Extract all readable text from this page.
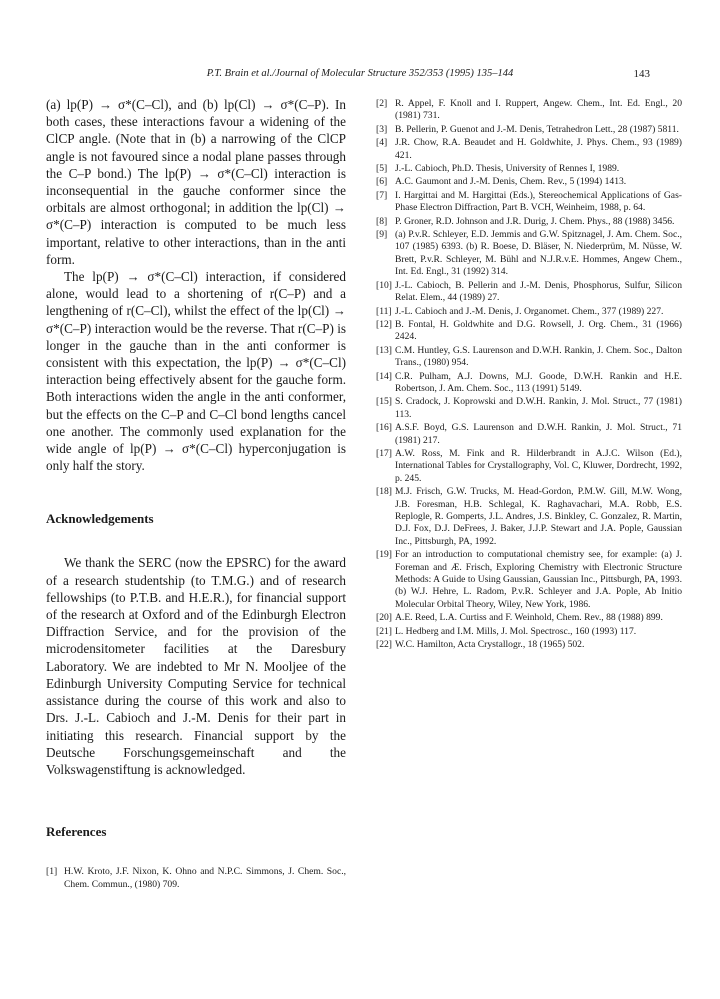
P.T. Brain et al./Journal of Molecular Structure 352/353 (1995) 135–144	143

(a) lp(P) → σ*(C–Cl), and (b) lp(Cl) → σ*(C–P). In both cases, these interactions favour a widening of the ClCP angle. (Note that in (b) a narrowing of the ClCP angle is not favoured since a nodal plane passes through the C–P bond.) The lp(P) → σ*(C–Cl) interaction is inconsequential in the gauche conformer since the orbitals are almost orthogonal; in addition the lp(Cl) → σ*(C–P) interaction is computed to be much less important, relative to other interactions, than in the anti form.

The lp(P) → σ*(C–Cl) interaction, if considered alone, would lead to a shortening of r(C–P) and a lengthening of r(C–Cl), whilst the effect of the lp(Cl) → σ*(C–P) interaction would be the reverse. That r(C–P) is longer in the gauche than in the anti conformer is consistent with this expectation, the lp(P) → σ*(C–Cl) interaction being effectively absent for the gauche form. Both interactions widen the angle in the anti conformer, but the effects on the C–P and C–Cl bond lengths cancel one another. The commonly used explanation for the wide angle of lp(P) → σ*(C–Cl) hyperconjugation is only half the story.

Acknowledgements

We thank the SERC (now the EPSRC) for the award of a research studentship (to T.M.G.) and of research fellowships (to P.T.B. and H.E.R.), for financial support of the research at Oxford and of the Edinburgh Electron Diffraction Service, and for the provision of the microdensitometer facilities at the Daresbury Laboratory. We are indebted to Mr N. Mooljee of the Edinburgh University Computing Service for technical assistance during the course of this work and also to Drs. J.-L. Cabioch and J.-M. Denis for their part in initiating this research. Financial support by the Deutsche Forschungsgemeinschaft and the Volkswagenstiftung is acknowledged.

References
[1] H.W. Kroto, J.F. Nixon, K. Ohno and N.P.C. Simmons, J. Chem. Soc., Chem. Commun., (1980) 709.
[2] R. Appel, F. Knoll and I. Ruppert, Angew. Chem., Int. Ed. Engl., 20 (1981) 731.
[3] B. Pellerin, P. Guenot and J.-M. Denis, Tetrahedron Lett., 28 (1987) 5811.
[4] J.R. Chow, R.A. Beaudet and H. Goldwhite, J. Phys. Chem., 93 (1989) 421.
[5] J.-L. Cabioch, Ph.D. Thesis, University of Rennes I, 1989.
[6] A.C. Gaumont and J.-M. Denis, Chem. Rev., 5 (1994) 1413.
[7] I. Hargittai and M. Hargittai (Eds.), Stereochemical Applications of Gas-Phase Electron Diffraction, Part B. VCH, Weinheim, 1988, p. 64.
[8] P. Groner, R.D. Johnson and J.R. Durig, J. Chem. Phys., 88 (1988) 3456.
[9] (a) P.v.R. Schleyer, E.D. Jemmis and G.W. Spitznagel, J. Am. Chem. Soc., 107 (1985) 6393. (b) R. Boese, D. Bläser, N. Niederprüm, M. Nüsse, W. Brett, P.v.R. Schleyer, M. Bühl and N.J.R.v.E. Hommes, Angew Chem., Int. Ed. Engl., 31 (1992) 314.
[10] J.-L. Cabioch, B. Pellerin and J.-M. Denis, Phosphorus, Sulfur, Silicon Relat. Elem., 44 (1989) 27.
[11] J.-L. Cabioch and J.-M. Denis, J. Organomet. Chem., 377 (1989) 227.
[12] B. Fontal, H. Goldwhite and D.G. Rowsell, J. Org. Chem., 31 (1966) 2424.
[13] C.M. Huntley, G.S. Laurenson and D.W.H. Rankin, J. Chem. Soc., Dalton Trans., (1980) 954.
[14] C.R. Pulham, A.J. Downs, M.J. Goode, D.W.H. Rankin and H.E. Robertson, J. Am. Chem. Soc., 113 (1991) 5149.
[15] S. Cradock, J. Koprowski and D.W.H. Rankin, J. Mol. Struct., 77 (1981) 113.
[16] A.S.F. Boyd, G.S. Laurenson and D.W.H. Rankin, J. Mol. Struct., 71 (1981) 217.
[17] A.W. Ross, M. Fink and R. Hilderbrandt in A.J.C. Wilson (Ed.), International Tables for Crystallography, Vol. C, Kluwer, Dordrecht, 1992, p. 245.
[18] M.J. Frisch, G.W. Trucks, M. Head-Gordon, P.M.W. Gill, M.W. Wong, J.B. Foresman, H.B. Schlegal, K. Raghavachari, M.A. Robb, E.S. Replogle, R. Gomperts, J.L. Andres, J.S. Binkley, C. Gonzalez, R. Martin, D.J. Fox, D.J. DeFrees, J. Baker, J.J.P. Stewart and J.A. Pople, Gaussian Inc., Pittsburgh, PA, 1992.
[19] For an introduction to computational chemistry see, for example: (a) J. Foreman and Æ. Frisch, Exploring Chemistry with Electronic Structure Methods: A Guide to Using Gaussian, Gaussian Inc., Pittsburgh, PA, 1993. (b) W.J. Hehre, L. Radom, P.v.R. Schleyer and J.A. Pople, Ab Initio Molecular Orbital Theory, Wiley, New York, 1986.
[20] A.E. Reed, L.A. Curtiss and F. Weinhold, Chem. Rev., 88 (1988) 899.
[21] L. Hedberg and I.M. Mills, J. Mol. Spectrosc., 160 (1993) 117.
[22] W.C. Hamilton, Acta Crystallogr., 18 (1965) 502.
